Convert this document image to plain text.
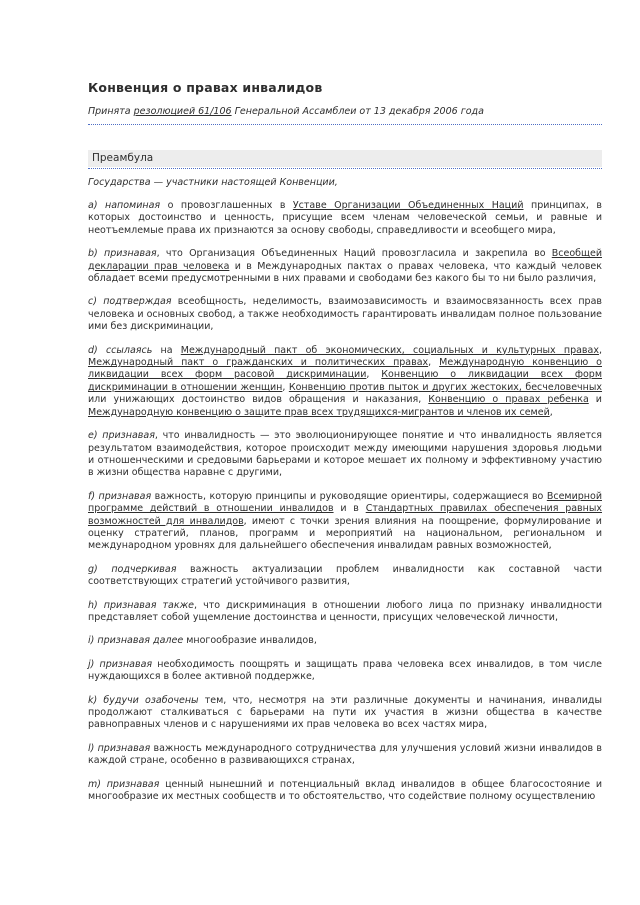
Конвенция о правах инвалидов

Принята резолюцией 61/106 Генеральной Ассамблеи от 13 декабря 2006 года

Преамбула

Государства — участники настоящей Конвенции,

a) напоминая о провозглашенных в Уставе Организации Объединенных Наций принципах, в которых достоинство и ценность, присущие всем членам человеческой семьи, и равные и неотъемлемые права их признаются за основу свободы, справедливости и всеобщего мира,

b) признавая, что Организация Объединенных Наций провозгласила и закрепила во Всеобщей декларации прав человека и в Международных пактах о правах человека, что каждый человек обладает всеми предусмотренными в них правами и свободами без какого бы то ни было различия,

c) подтверждая всеобщность, неделимость, взаимозависимость и взаимосвязанность всех прав человека и основных свобод, а также необходимость гарантировать инвалидам полное пользование ими без дискриминации,

d) ссылаясь на Международный пакт об экономических, социальных и культурных правах, Международный пакт о гражданских и политических правах, Международную конвенцию о ликвидации всех форм расовой дискриминации, Конвенцию о ликвидации всех форм дискриминации в отношении женщин, Конвенцию против пыток и других жестоких, бесчеловечных или унижающих достоинство видов обращения и наказания, Конвенцию о правах ребенка и Международную конвенцию о защите прав всех трудящихся-мигрантов и членов их семей,

e) признавая, что инвалидность — это эволюционирующее понятие и что инвалидность является результатом взаимодействия, которое происходит между имеющими нарушения здоровья людьми и отношенческими и средовыми барьерами и которое мешает их полному и эффективному участию в жизни общества наравне с другими,

f) признавая важность, которую принципы и руководящие ориентиры, содержащиеся во Всемирной программе действий в отношении инвалидов и в Стандартных правилах обеспечения равных возможностей для инвалидов, имеют с точки зрения влияния на поощрение, формулирование и оценку стратегий, планов, программ и мероприятий на национальном, региональном и международном уровнях для дальнейшего обеспечения инвалидам равных возможностей,

g) подчеркивая важность актуализации проблем инвалидности как составной части соответствующих стратегий устойчивого развития,

h) признавая также, что дискриминация в отношении любого лица по признаку инвалидности представляет собой ущемление достоинства и ценности, присущих человеческой личности,

i) признавая далее многообразие инвалидов,

j) признавая необходимость поощрять и защищать права человека всех инвалидов, в том числе нуждающихся в более активной поддержке,

k) будучи озабочены тем, что, несмотря на эти различные документы и начинания, инвалиды продолжают сталкиваться с барьерами на пути их участия в жизни общества в качестве равноправных членов и с нарушениями их прав человека во всех частях мира,

l) признавая важность международного сотрудничества для улучшения условий жизни инвалидов в каждой стране, особенно в развивающихся странах,

m) признавая ценный нынешний и потенциальный вклад инвалидов в общее благосостояние и многообразие их местных сообществ и то обстоятельство, что содействие полному осуществлению
